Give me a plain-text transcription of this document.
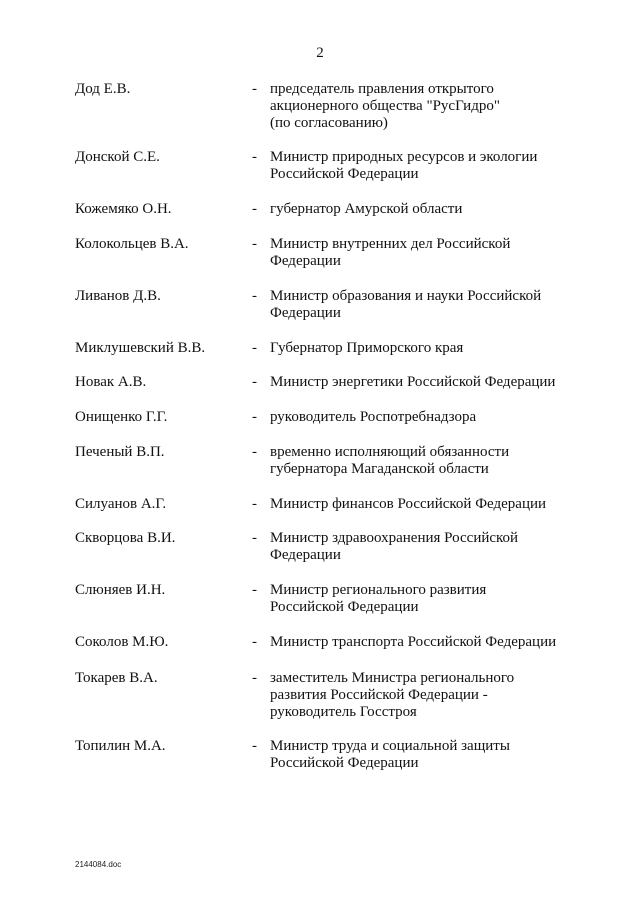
2
Дод Е.В.	- председатель правления открытого
акционерного общества "РусГидро"
(по согласованию)
Донской С.Е.	- Министр природных ресурсов и экологии
Российской Федерации
Кожемяко О.Н.	- губернатор Амурской области
Колокольцев В.А.	- Министр внутренних дел Российской
Федерации
Ливанов Д.В.	- Министр образования и науки Российской
Федерации
Миклушевский В.В.	- Губернатор Приморского края
Новак А.В.	- Министр энергетики Российской Федерации
Онищенко Г.Г.	- руководитель Роспотребнадзора
Печеный В.П.	- временно исполняющий обязанности
губернатора Магаданской области
Силуанов А.Г.	- Министр финансов Российской Федерации
Скворцова В.И.	- Министр здравоохранения Российской
Федерации
Слюняев И.Н.	- Министр регионального развития
Российской Федерации
Соколов М.Ю.	- Министр транспорта Российской Федерации
Токарев В.А.	- заместитель Министра регионального
развития Российской Федерации -
руководитель Госстроя
Топилин М.А.	- Министр труда и социальной защиты
Российской Федерации
2144084.doc
